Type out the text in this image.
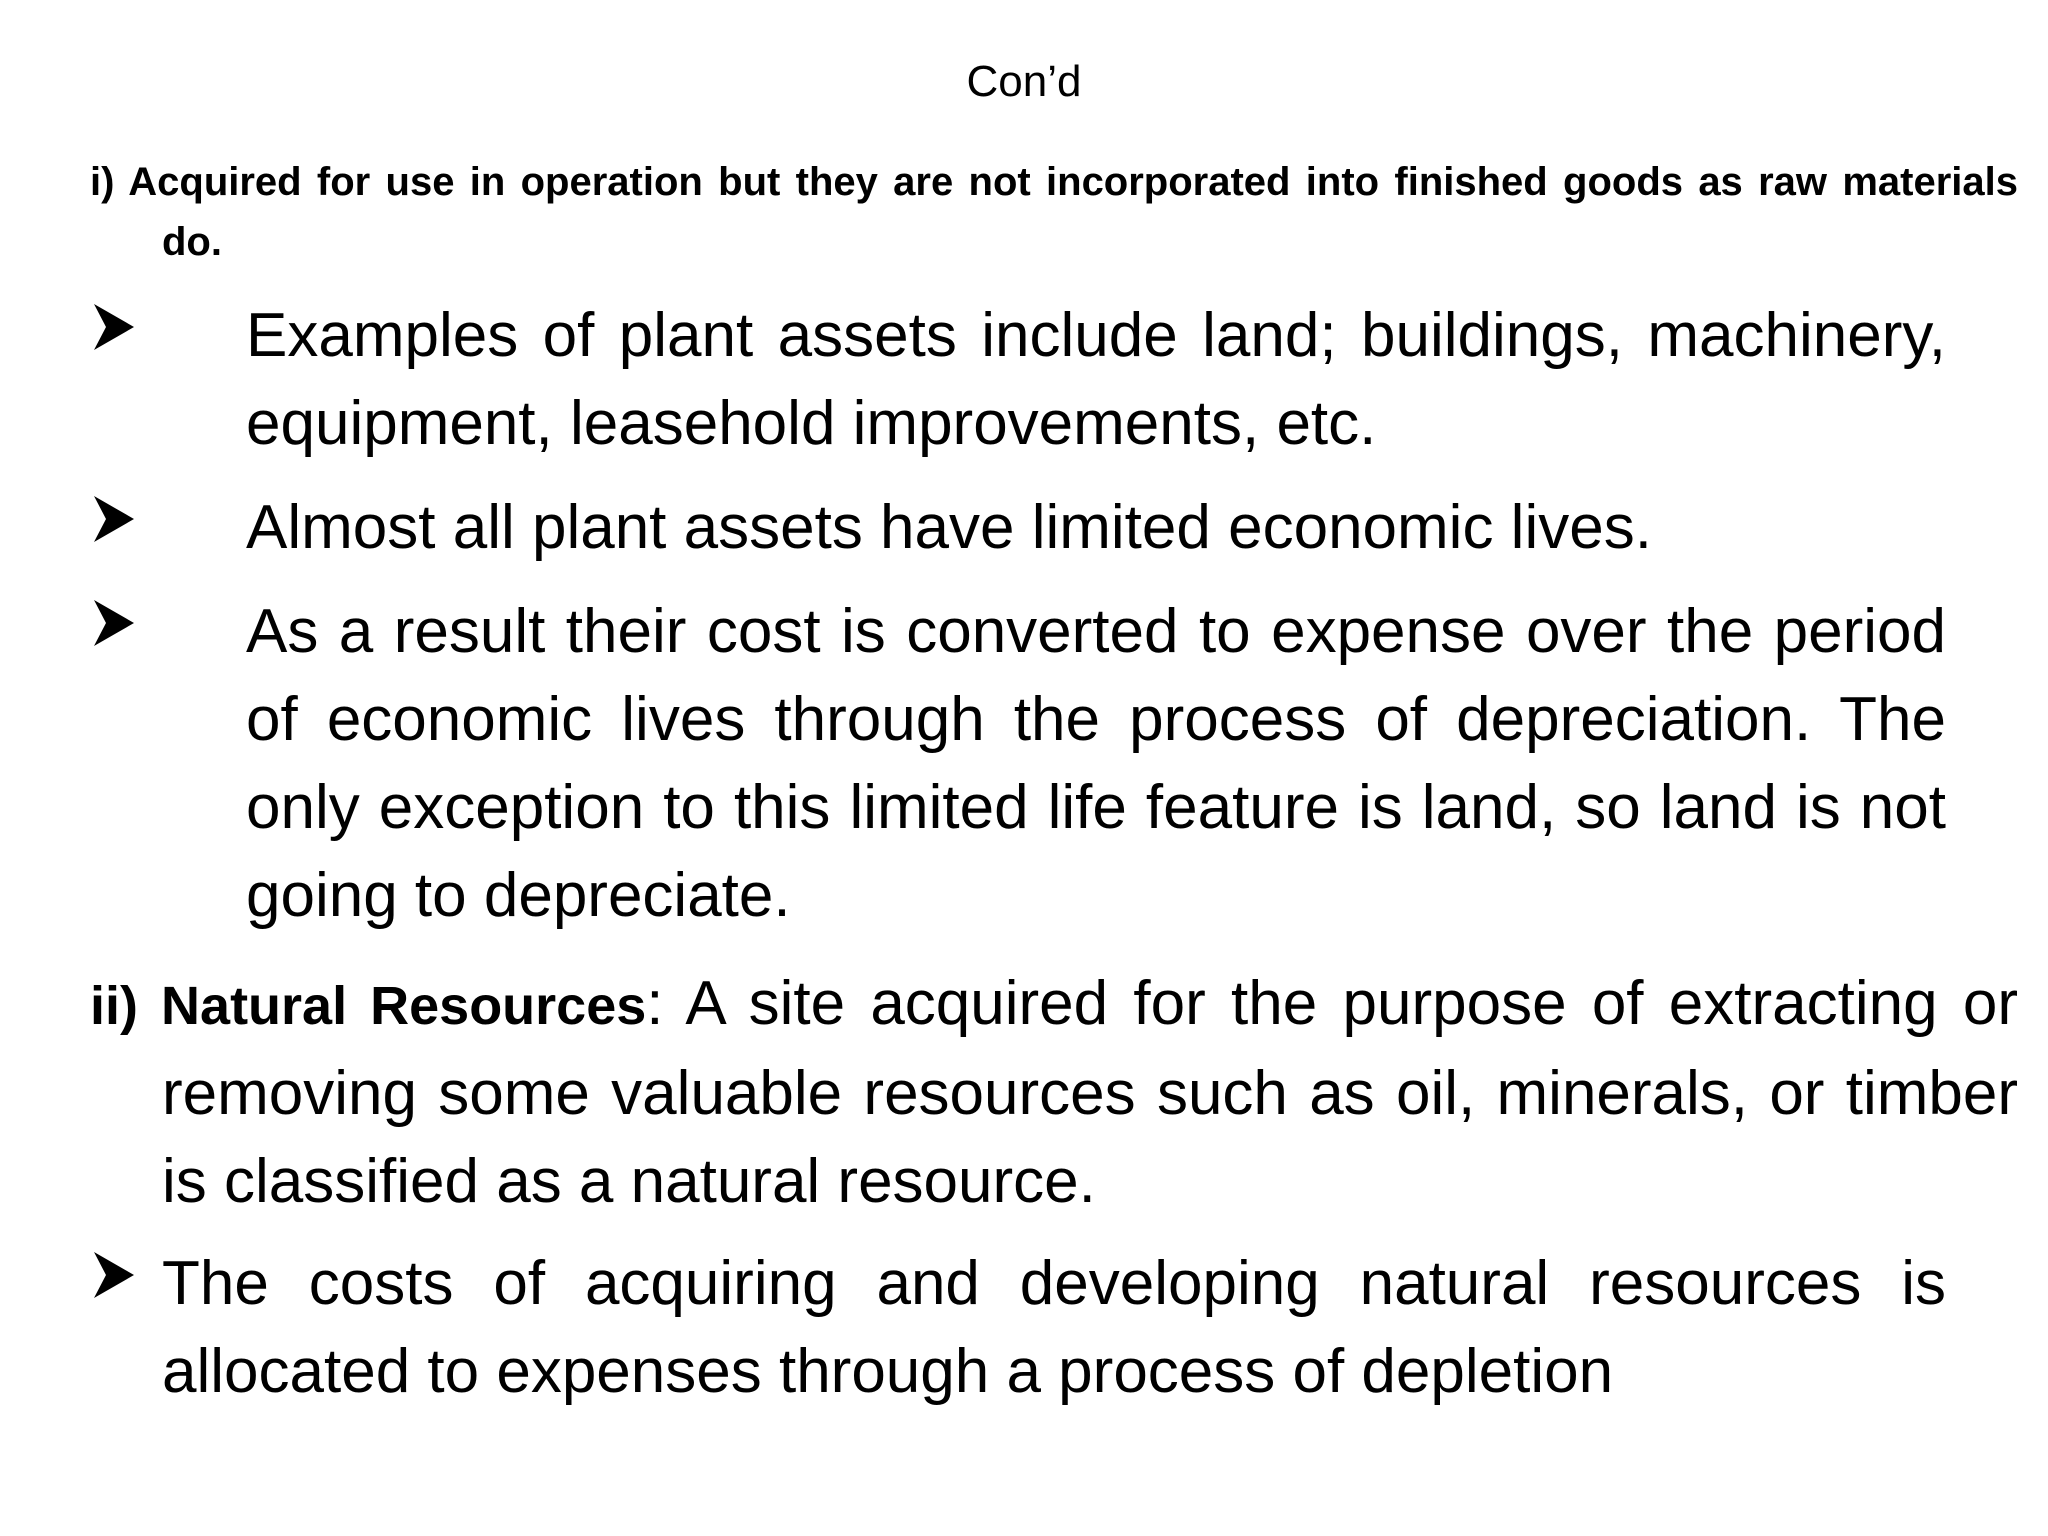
Con’d
i) Acquired for use in operation but they are not incorporated into finished goods as raw materials do.
Examples of plant assets include land; buildings, machinery, equipment, leasehold improvements, etc.
Almost all plant assets have limited economic lives.
As a result their cost is converted to expense over the period of economic lives through the process of depreciation. The only exception to this limited life feature is land, so land is not going to depreciate.
ii) Natural Resources: A site acquired for the purpose of extracting or removing some valuable resources such as oil, minerals, or timber is classified as a natural resource.
The costs of acquiring and developing natural resources is allocated to expenses through a process of depletion
